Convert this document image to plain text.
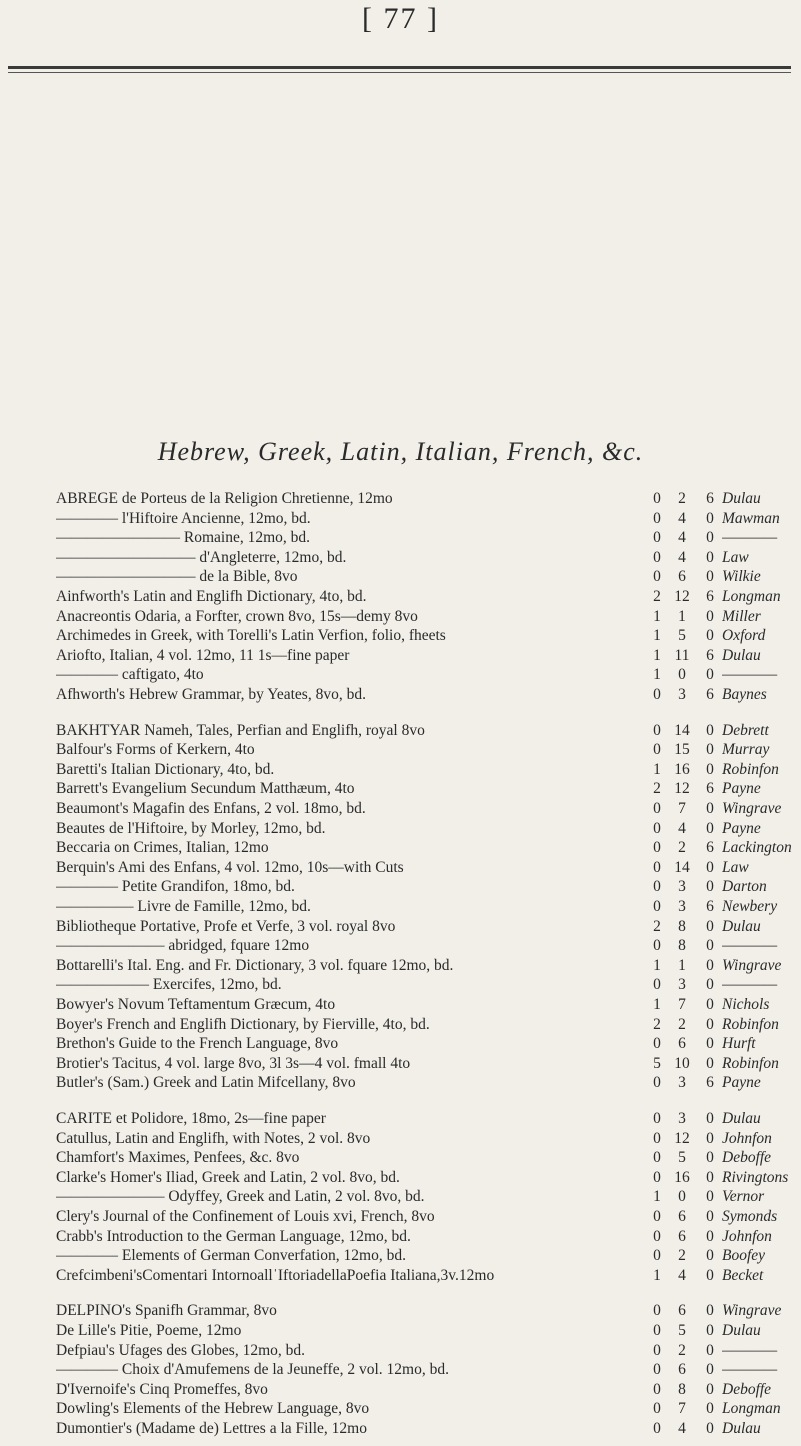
[ 77 ]
Hebrew, Greek, Latin, Italian, French, &c.
ABREGE de Porteus de la Religion Chretienne, 12mo	0	2	6 Dulau
———— l'Hiftoire Ancienne, 12mo, bd.	0	4	0 Mawman
———————— Romaine, 12mo, bd.	0	4	0 ————
————————— d'Angleterre, 12mo, bd.	0	4	0 Law
————————— de la Bible, 8vo	0	6	0 Wilkie
Ainfworth's Latin and Englifh Dictionary, 4to, bd.	2 12	6 Longman
Anacreontis Odaria, a Forfter, crown 8vo, 15s—demy 8vo	1	1	0 Miller
Archimedes in Greek, with Torelli's Latin Verfion, folio, fheets	1	5	0 Oxford
Ariofto, Italian, 4 vol. 12mo, 11 1s—fine paper	1 11	6 Dulau
———— caftigato, 4to	1	0	0 ————
Afhworth's Hebrew Grammar, by Yeates, 8vo, bd.	0	3	6 Baynes
BAKHTYAR Nameh, Tales, Perfian and Englifh, royal 8vo	0 14	0 Debrett
Balfour's Forms of Kerkern, 4to	0 15	0 Murray
Baretti's Italian Dictionary, 4to, bd.	1 16	0 Robinfon
Barrett's Evangelium Secundum Matthæum, 4to	2 12	6 Payne
Beaumont's Magafin des Enfans, 2 vol. 18mo, bd.	0	7	0 Wingrave
Beautes de l'Hiftoire, by Morley, 12mo, bd.	0	4	0 Payne
Beccaria on Crimes, Italian, 12mo	0	2	6 Lackington
Berquin's Ami des Enfans, 4 vol. 12mo, 10s—with Cuts	0 14	0 Law
———— Petite Grandifon, 18mo, bd.	0	3	0 Darton
————— Livre de Famille, 12mo, bd.	0	3	6 Newbery
Bibliotheque Portative, Profe et Verfe, 3 vol. royal 8vo	2	8	0 Dulau
——————— abridged, fquare 12mo	0	8	0 ————
Bottarelli's Ital. Eng. and Fr. Dictionary, 3 vol. fquare 12mo, bd.	1	1	0 Wingrave
—————— Exercifes, 12mo, bd.	0	3	0 ————
Bowyer's Novum Teftamentum Græcum, 4to	1	7	0 Nichols
Boyer's French and Englifh Dictionary, by Fierville, 4to, bd.	2	2	0 Robinfon
Brethon's Guide to the French Language, 8vo	0	6	0 Hurft
Brotier's Tacitus, 4 vol. large 8vo, 3l 3s—4 vol. fmall 4to	5 10	0 Robinfon
Butler's (Sam.) Greek and Latin Mifcellany, 8vo	0	3	6 Payne
CARITE et Polidore, 18mo, 2s—fine paper	0	3	0 Dulau
Catullus, Latin and Englifh, with Notes, 2 vol. 8vo	0 12	0 Johnfon
Chamfort's Maximes, Penfees, &c. 8vo	0	5	0 Deboffe
Clarke's Homer's Iliad, Greek and Latin, 2 vol. 8vo, bd.	0 16	0 Rivingtons
——————— Odyffey, Greek and Latin, 2 vol. 8vo, bd.	1	0	0 Vernor
Clery's Journal of the Confinement of Louis xvi, French, 8vo	0	6	0 Symonds
Crabb's Introduction to the German Language, 12mo, bd.	0	6	0 Johnfon
———— Elements of German Converfation, 12mo, bd.	0	2	0 Boofey
Crefcimbeni'sComentari IntornoallˈIftoriadellaPoefia Italiana,3v.12mo	1	4	0 Becket
DELPINO's Spanifh Grammar, 8vo	0	6	0 Wingrave
De Lille's Pitie, Poeme, 12mo	0	5	0 Dulau
Defpiau's Ufages des Globes, 12mo, bd.	0	2	0 ————
———— Choix d'Amufemens de la Jeuneffe, 2 vol. 12mo, bd.	0	6	0 ————
D'Ivernoife's Cinq Promeffes, 8vo	0	8	0 Deboffe
Dowling's Elements of the Hebrew Language, 8vo	0	7	0 Longman
Dumontier's (Madame de) Lettres a la Fille, 12mo	0	4	0 Dulau
